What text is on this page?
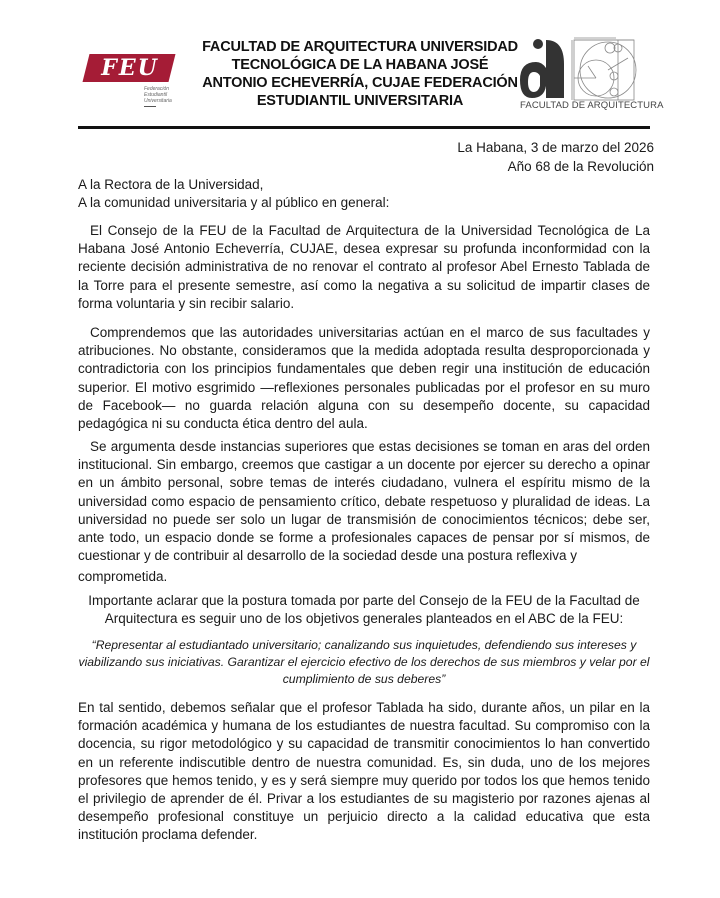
FEU
Federación
Estudiantil
Universitaria
FACULTAD DE ARQUITECTURA UNIVERSIDAD
TECNOLÓGICA DE LA HABANA JOSÉ
ANTONIO ECHEVERRÍA, CUJAE FEDERACIÓN
ESTUDIANTIL UNIVERSITARIA	FACULTAD DE ARQUITECTURA
La Habana, 3 de marzo del 2026
Año 68 de la Revolución
A la Rectora de la Universidad,
A la comunidad universitaria y al público en general:
El Consejo de la FEU de la Facultad de Arquitectura de la Universidad Tecnológica de La Habana José Antonio Echeverría, CUJAE, desea expresar su profunda inconformidad con la reciente decisión administrativa de no renovar el contrato al profesor Abel Ernesto Tablada de la Torre para el presente semestre, así como la negativa a su solicitud de impartir clases de forma voluntaria y sin recibir salario.
Comprendemos que las autoridades universitarias actúan en el marco de sus facultades y atribuciones. No obstante, consideramos que la medida adoptada resulta desproporcionada y contradictoria con los principios fundamentales que deben regir una institución de educación superior. El motivo esgrimido —reflexiones personales publicadas por el profesor en su muro de Facebook— no guarda relación alguna con su desempeño docente, su capacidad pedagógica ni su conducta ética dentro del aula.
Se argumenta desde instancias superiores que estas decisiones se toman en aras del orden institucional. Sin embargo, creemos que castigar a un docente por ejercer su derecho a opinar en un ámbito personal, sobre temas de interés ciudadano, vulnera el espíritu mismo de la universidad como espacio de pensamiento crítico, debate respetuoso y pluralidad de ideas. La universidad no puede ser solo un lugar de transmisión de conocimientos técnicos; debe ser, ante todo, un espacio donde se forme a profesionales capaces de pensar por sí mismos, de cuestionar y de contribuir al desarrollo de la sociedad desde una postura reflexiva y
comprometida.
Importante aclarar que la postura tomada por parte del Consejo de la FEU de la Facultad de Arquitectura es seguir uno de los objetivos generales planteados en el ABC de la FEU:
“Representar al estudiantado universitario; canalizando sus inquietudes, defendiendo sus intereses y viabilizando sus iniciativas. Garantizar el ejercicio efectivo de los derechos de sus miembros y velar por el cumplimiento de sus deberes”
En tal sentido, debemos señalar que el profesor Tablada ha sido, durante años, un pilar en la formación académica y humana de los estudiantes de nuestra facultad. Su compromiso con la docencia, su rigor metodológico y su capacidad de transmitir conocimientos lo han convertido en un referente indiscutible dentro de nuestra comunidad. Es, sin duda, uno de los mejores profesores que hemos tenido, y es y será siempre muy querido por todos los que hemos tenido el privilegio de aprender de él. Privar a los estudiantes de su magisterio por razones ajenas al desempeño profesional constituye un perjuicio directo a la calidad educativa que esta institución proclama defender.
